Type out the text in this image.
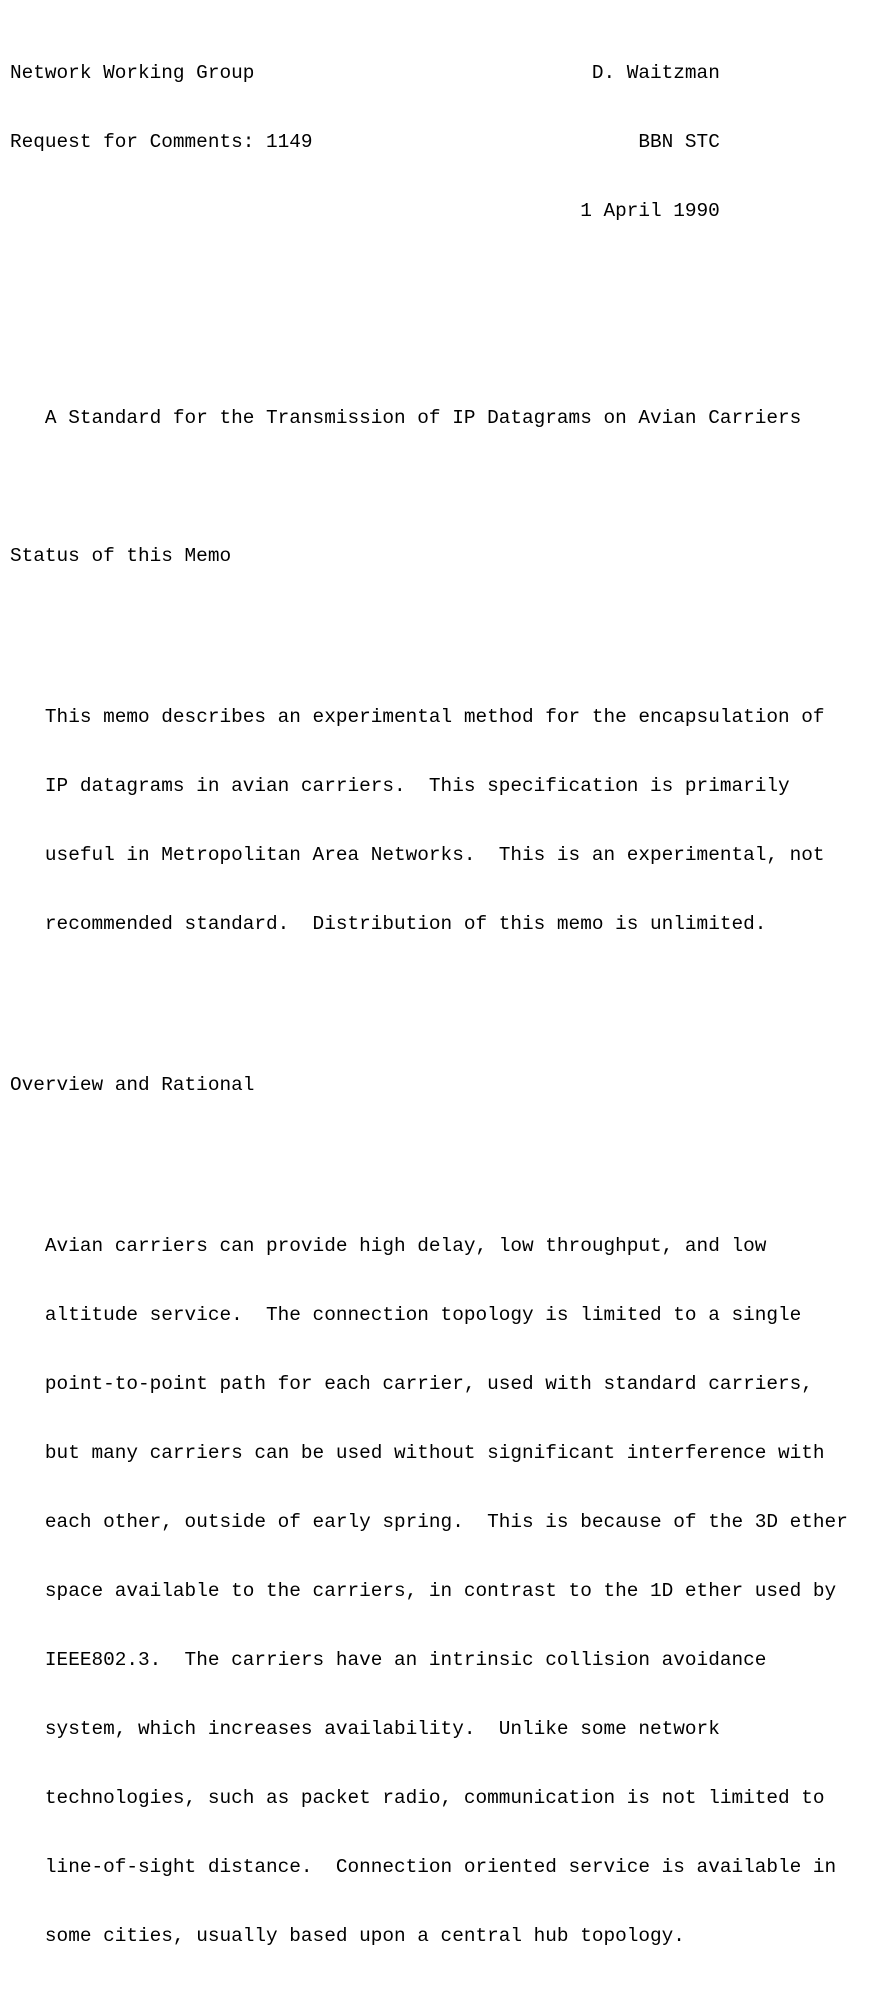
Network Working Group	D. Waitzman

Request for Comments: 1149	BBN STC

1 April 1990

A Standard for the Transmission of IP Datagrams on Avian Carriers

Status of this Memo

This memo describes an experimental method for the encapsulation of

IP datagrams in avian carriers.  This specification is primarily

useful in Metropolitan Area Networks.  This is an experimental, not

recommended standard.  Distribution of this memo is unlimited.

Overview and Rational

Avian carriers can provide high delay, low throughput, and low

altitude service.  The connection topology is limited to a single

point-to-point path for each carrier, used with standard carriers,

but many carriers can be used without significant interference with

each other, outside of early spring.  This is because of the 3D ether

space available to the carriers, in contrast to the 1D ether used by

IEEE802.3.  The carriers have an intrinsic collision avoidance

system, which increases availability.  Unlike some network

technologies, such as packet radio, communication is not limited to

line-of-sight distance.  Connection oriented service is available in

some cities, usually based upon a central hub topology.
